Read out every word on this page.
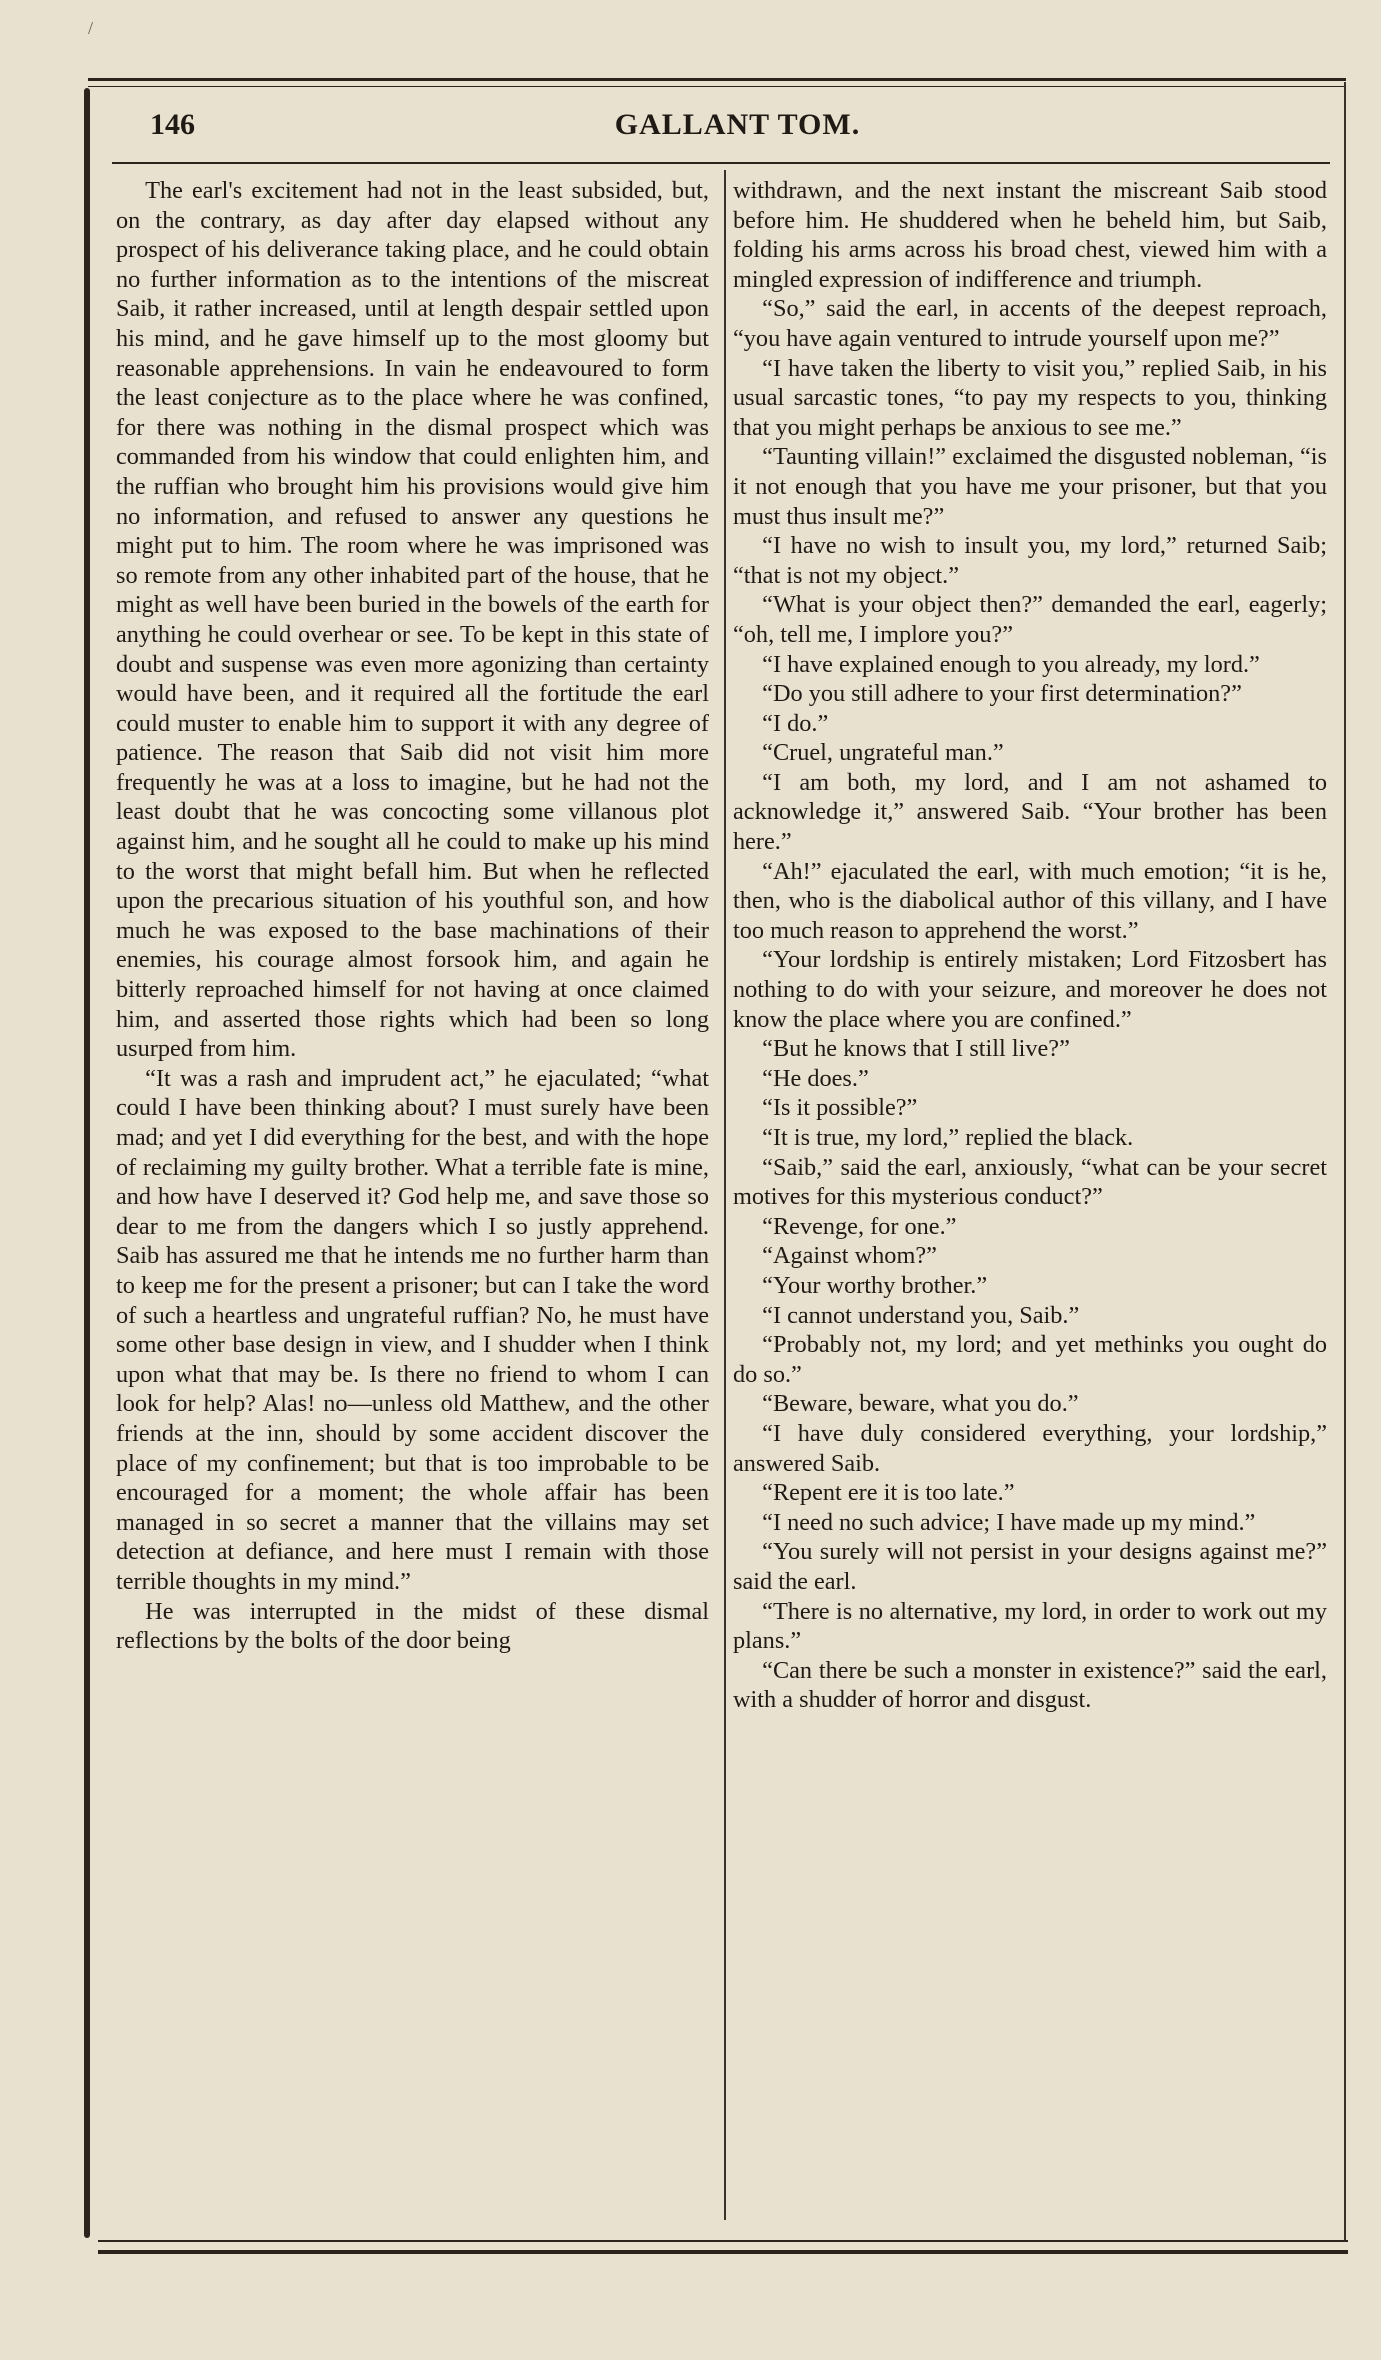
/
146	GALLANT TOM.

The earl's excitement had not in the least subsided, but, on the contrary, as day after day elapsed without any prospect of his deliverance taking place, and he could obtain no further information as to the intentions of the miscreat Saib, it rather increased, until at length despair settled upon his mind, and he gave himself up to the most gloomy but reasonable apprehensions. In vain he endeavoured to form the least conjecture as to the place where he was confined, for there was nothing in the dismal prospect which was commanded from his window that could enlighten him, and the ruffian who brought him his provisions would give him no information, and refused to answer any questions he might put to him. The room where he was imprisoned was so remote from any other inhabited part of the house, that he might as well have been buried in the bowels of the earth for anything he could overhear or see. To be kept in this state of doubt and suspense was even more agonizing than certainty would have been, and it required all the fortitude the earl could muster to enable him to support it with any degree of patience. The reason that Saib did not visit him more frequently he was at a loss to imagine, but he had not the least doubt that he was concocting some villanous plot against him, and he sought all he could to make up his mind to the worst that might befall him. But when he reflected upon the precarious situation of his youthful son, and how much he was exposed to the base machinations of their enemies, his courage almost forsook him, and again he bitterly reproached himself for not having at once claimed him, and asserted those rights which had been so long usurped from him.

“It was a rash and imprudent act,” he ejaculated; “what could I have been thinking about? I must surely have been mad; and yet I did everything for the best, and with the hope of reclaiming my guilty brother. What a terrible fate is mine, and how have I deserved it? God help me, and save those so dear to me from the dangers which I so justly apprehend. Saib has assured me that he intends me no further harm than to keep me for the present a prisoner; but can I take the word of such a heartless and ungrateful ruffian? No, he must have some other base design in view, and I shudder when I think upon what that may be. Is there no friend to whom I can look for help? Alas! no—unless old Matthew, and the other friends at the inn, should by some accident discover the place of my confinement; but that is too improbable to be encouraged for a moment; the whole affair has been managed in so secret a manner that the villains may set detection at defiance, and here must I remain with those terrible thoughts in my mind.”

He was interrupted in the midst of these dismal reflections by the bolts of the door being

withdrawn, and the next instant the miscreant Saib stood before him. He shuddered when he beheld him, but Saib, folding his arms across his broad chest, viewed him with a mingled expression of indifference and triumph.

“So,” said the earl, in accents of the deepest reproach, “you have again ventured to intrude yourself upon me?”

“I have taken the liberty to visit you,” replied Saib, in his usual sarcastic tones, “to pay my respects to you, thinking that you might perhaps be anxious to see me.”

“Taunting villain!” exclaimed the disgusted nobleman, “is it not enough that you have me your prisoner, but that you must thus insult me?”

“I have no wish to insult you, my lord,” returned Saib; “that is not my object.”

“What is your object then?” demanded the earl, eagerly; “oh, tell me, I implore you?”

“I have explained enough to you already, my lord.”

“Do you still adhere to your first determination?”

“I do.”

“Cruel, ungrateful man.”

“I am both, my lord, and I am not ashamed to acknowledge it,” answered Saib. “Your brother has been here.”

“Ah!” ejaculated the earl, with much emotion; “it is he, then, who is the diabolical author of this villany, and I have too much reason to apprehend the worst.”

“Your lordship is entirely mistaken; Lord Fitzosbert has nothing to do with your seizure, and moreover he does not know the place where you are confined.”

“But he knows that I still live?”

“He does.”

“Is it possible?”

“It is true, my lord,” replied the black.

“Saib,” said the earl, anxiously, “what can be your secret motives for this mysterious conduct?”

“Revenge, for one.”

“Against whom?”

“Your worthy brother.”

“I cannot understand you, Saib.”

“Probably not, my lord; and yet methinks you ought do do so.”

“Beware, beware, what you do.”

“I have duly considered everything, your lordship,” answered Saib.

“Repent ere it is too late.”

“I need no such advice; I have made up my mind.”

“You surely will not persist in your designs against me?” said the earl.

“There is no alternative, my lord, in order to work out my plans.”

“Can there be such a monster in existence?” said the earl, with a shudder of horror and disgust.
